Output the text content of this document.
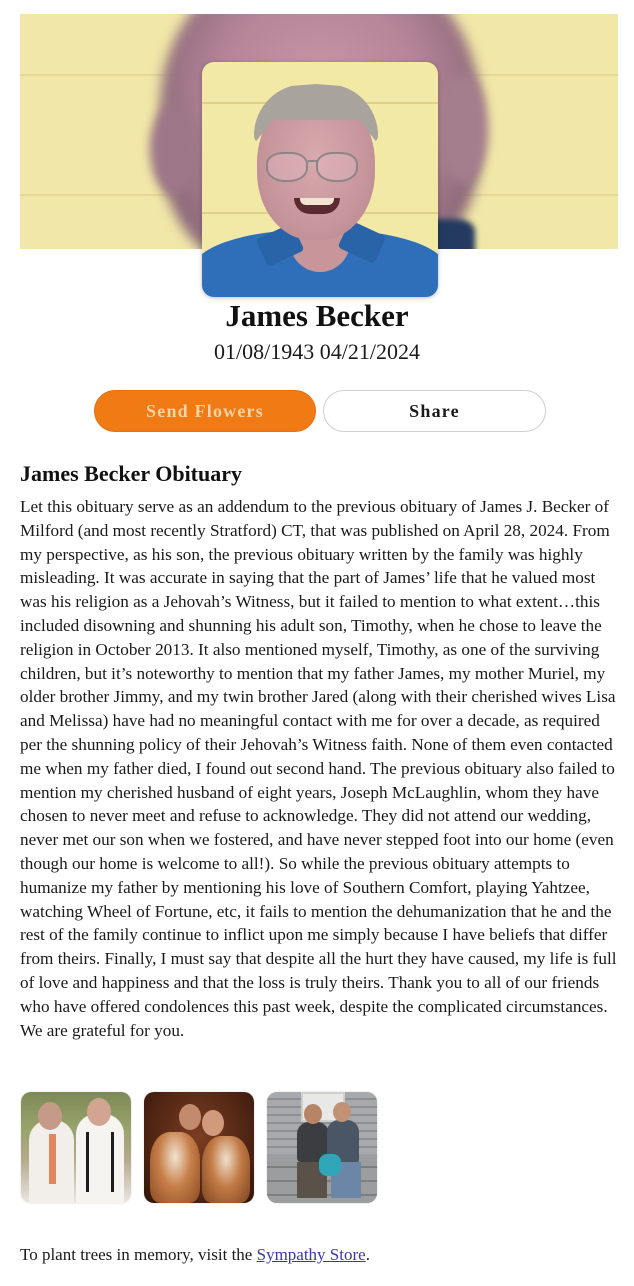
James Becker
01/08/1943 04/21/2024
Send Flowers	Share
James Becker Obituary

Let this obituary serve as an addendum to the previous obituary of James J. Becker of Milford (and most recently Stratford) CT, that was published on April 28, 2024. From my perspective, as his son, the previous obituary written by the family was highly misleading. It was accurate in saying that the part of James’ life that he valued most was his religion as a Jehovah’s Witness, but it failed to mention to what extent…this included disowning and shunning his adult son, Timothy, when he chose to leave the religion in October 2013. It also mentioned myself, Timothy, as one of the surviving children, but it’s noteworthy to mention that my father James, my mother Muriel, my older brother Jimmy, and my twin brother Jared (along with their cherished wives Lisa and Melissa) have had no meaningful contact with me for over a decade, as required per the shunning policy of their Jehovah’s Witness faith. None of them even contacted me when my father died, I found out second hand. The previous obituary also failed to mention my cherished husband of eight years, Joseph McLaughlin, whom they have chosen to never meet and refuse to acknowledge. They did not attend our wedding, never met our son when we fostered, and have never stepped foot into our home (even though our home is welcome to all!). So while the previous obituary attempts to humanize my father by mentioning his love of Southern Comfort, playing Yahtzee, watching Wheel of Fortune, etc, it fails to mention the dehumanization that he and the rest of the family continue to inflict upon me simply because I have beliefs that differ from theirs. Finally, I must say that despite all the hurt they have caused, my life is full of love and happiness and that the loss is truly theirs. Thank you to all of our friends who have offered condolences this past week, despite the complicated circumstances. We are grateful for you.

To plant trees in memory, visit the Sympathy Store.
